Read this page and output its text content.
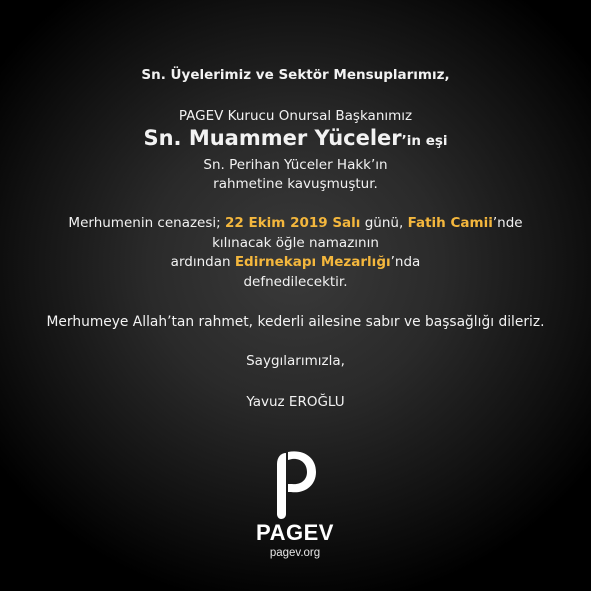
Sn. Üyelerimiz ve Sektör Mensuplarımız,
PAGEV Kurucu Onursal Başkanımız
Sn. Muammer Yüceler’in eşi
Sn. Perihan Yüceler Hakk’ın
rahmetine kavuşmuştur.
Merhumenin cenazesi; 22 Ekim 2019 Salı günü, Fatih Camii’nde
kılınacak öğle namazının
ardından Edirnekapı Mezarlığı’nda
defnedilecektir.
Merhumeye Allah’tan rahmet, kederli ailesine sabır ve başsağlığı dileriz.
Saygılarımızla,
Yavuz EROĞLU
PAGEV
pagev.org
